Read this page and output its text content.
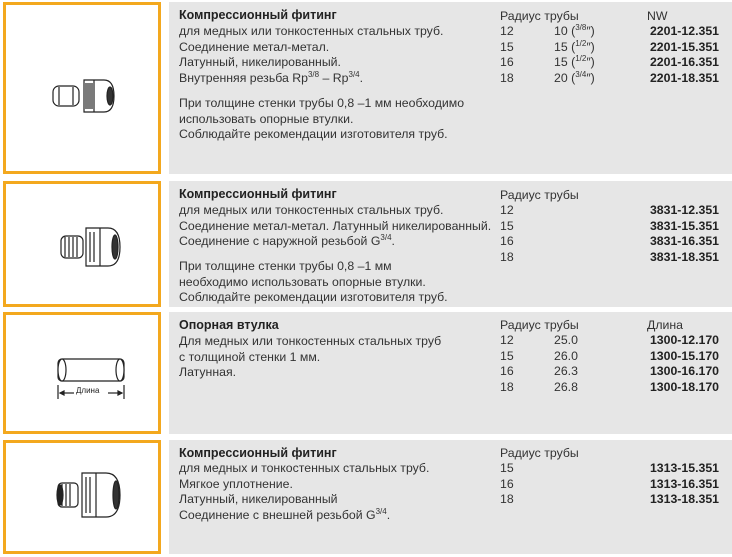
Компрессионный фитинг
для медных или тонкостенных стальных труб.
Соединение метал-метал.
Латунный, никелированный.
Внутренняя резьба $Rp^{3/8} - Rp^{3/4}$.
При толщине стенки трубы 0,8 –1 мм необходимо
использовать опорные втулки.
Соблюдайте рекомендации изготовителя труб.
Радиус трубы	NW
12
15
16
18
10 ($^{3/8}$″)
15 ($^{1/2}$″)
15 ($^{1/2}$″)
20 ($^{3/4}$″)
2201-12.351
2201-15.351
2201-16.351
2201-18.351
Компрессионный фитинг
для медных или тонкостенных стальных труб.
Соединение метал-метал. Латунный никелированный.
Соединение с наружной резьбой $G^{3/4}$.
При толщине стенки трубы 0,8 –1 мм
необходимо использовать опорные втулки.
Соблюдайте рекомендации изготовителя труб.
Радиус трубы
12
15
16
18
3831-12.351
3831-15.351
3831-16.351
3831-18.351
Длина
Опорная втулка
Для медных или тонкостенных стальных труб
с толщиной стенки 1 мм.
Латунная.
Радиус трубы	Длина
12
15
16
18
25.0
26.0
26.3
26.8
1300-12.170
1300-15.170
1300-16.170
1300-18.170
Компрессионный фитинг
для медных и тонкостенных стальных труб.
Мягкое уплотнение.
Латунный, никелированный
Соединение с внешней резьбой $G^{3/4}$.
Радиус трубы
15
16
18
1313-15.351
1313-16.351
1313-18.351
